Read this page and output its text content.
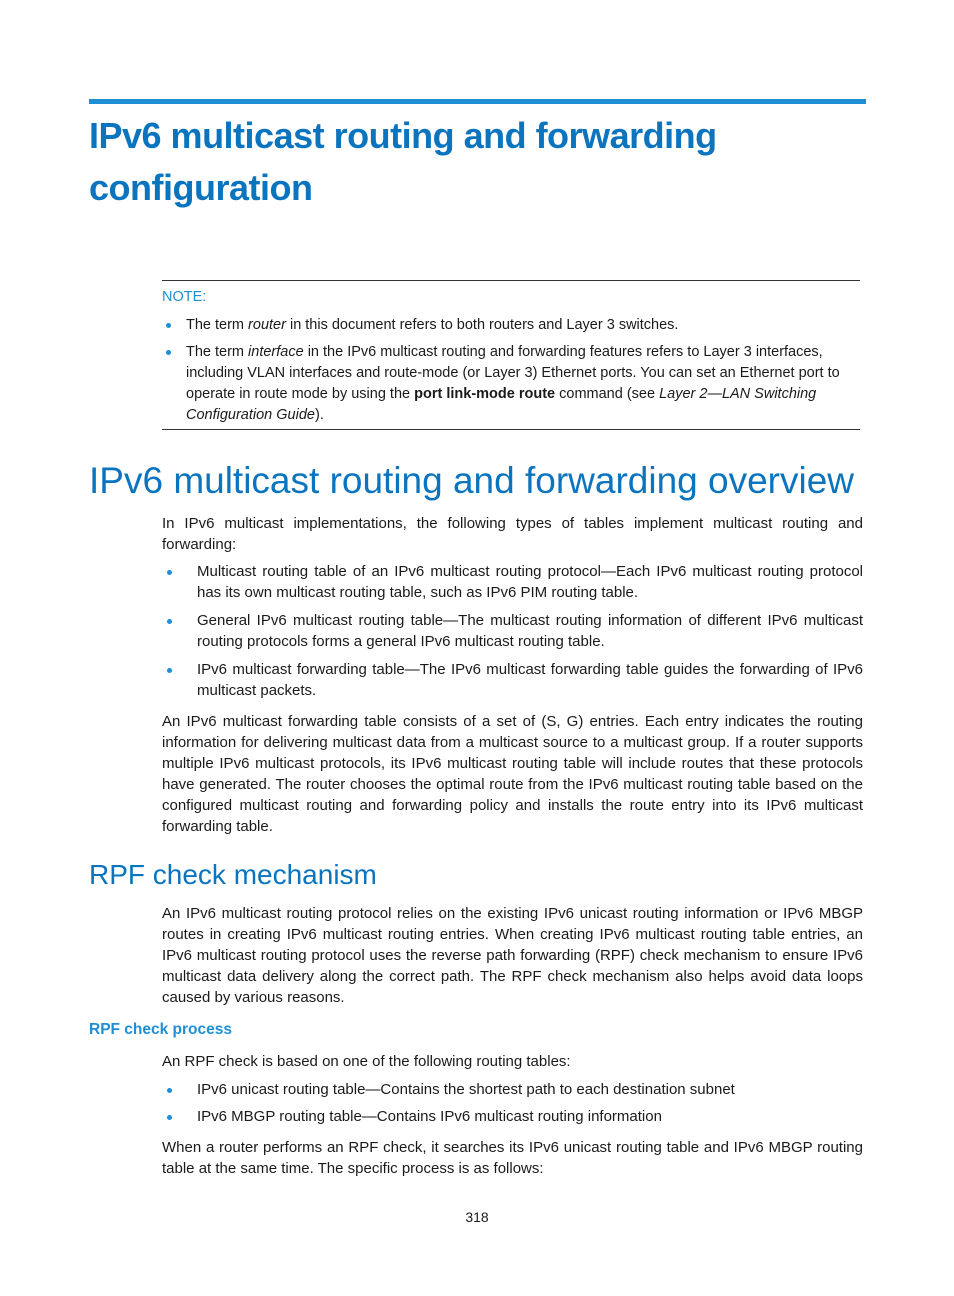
IPv6 multicast routing and forwarding configuration
NOTE:
The term router in this document refers to both routers and Layer 3 switches.
The term interface in the IPv6 multicast routing and forwarding features refers to Layer 3 interfaces, including VLAN interfaces and route-mode (or Layer 3) Ethernet ports. You can set an Ethernet port to operate in route mode by using the port link-mode route command (see Layer 2—LAN Switching Configuration Guide).
IPv6 multicast routing and forwarding overview

In IPv6 multicast implementations, the following types of tables implement multicast routing and forwarding:

Multicast routing table of an IPv6 multicast routing protocol—Each IPv6 multicast routing protocol has its own multicast routing table, such as IPv6 PIM routing table.
General IPv6 multicast routing table—The multicast routing information of different IPv6 multicast routing protocols forms a general IPv6 multicast routing table.
IPv6 multicast forwarding table—The IPv6 multicast forwarding table guides the forwarding of IPv6 multicast packets.

An IPv6 multicast forwarding table consists of a set of (S, G) entries. Each entry indicates the routing information for delivering multicast data from a multicast source to a multicast group. If a router supports multiple IPv6 multicast protocols, its IPv6 multicast routing table will include routes that these protocols have generated. The router chooses the optimal route from the IPv6 multicast routing table based on the configured multicast routing and forwarding policy and installs the route entry into its IPv6 multicast forwarding table.

RPF check mechanism

An IPv6 multicast routing protocol relies on the existing IPv6 unicast routing information or IPv6 MBGP routes in creating IPv6 multicast routing entries. When creating IPv6 multicast routing table entries, an IPv6 multicast routing protocol uses the reverse path forwarding (RPF) check mechanism to ensure IPv6 multicast data delivery along the correct path. The RPF check mechanism also helps avoid data loops caused by various reasons.

RPF check process

An RPF check is based on one of the following routing tables:

IPv6 unicast routing table—Contains the shortest path to each destination subnet
IPv6 MBGP routing table—Contains IPv6 multicast routing information

When a router performs an RPF check, it searches its IPv6 unicast routing table and IPv6 MBGP routing table at the same time. The specific process is as follows:

318
